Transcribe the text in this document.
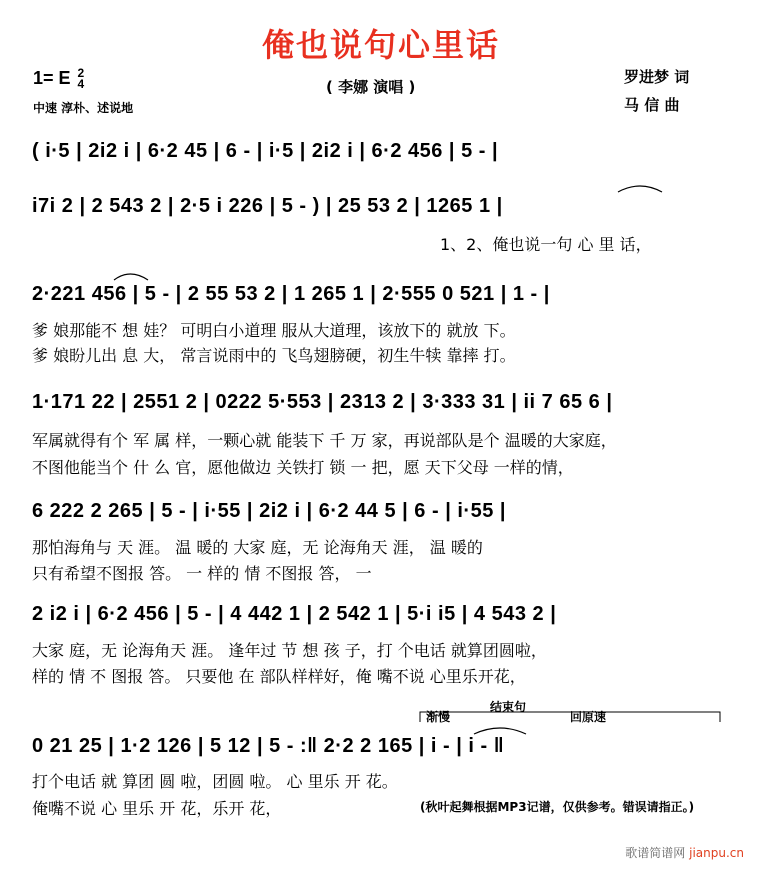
俺也说句心里话
( 李娜 演唱 )
1= E 2
4
中速 淳朴、述说地
罗进梦 词
马 信 曲
( i·5 | 2i2 i | 6·2 45 | 6 - | i·5 | 2i2 i | 6·2 456 | 5 - |
i7i 2 | 2 543 2 | 2·5 i 226 | 5 - ) | 25 53 2 | 1265 1 |
1、2、俺也说一句 心 里 话，
2·221 456 | 5 - | 2 55 53 2 | 1 265 1 | 2·555 0 521 | 1 - |
爹 娘那能不 想 娃？ 可明白小道理 服从大道理，该放下的 就放 下。
爹 娘盼儿出 息 大， 常言说雨中的 飞鸟翅膀硬，初生牛犊 靠摔 打。
1·171 22 | 2551 2 | 0222 5·553 | 2313 2 | 3·333 31 | ii 7 65 6 |
军属就得有个 军 属 样，一颗心就 能装下 千 万 家，再说部队是个 温暖的大家庭，
不图他能当个 什 么 官，愿他做边 关铁打 锁 一 把，愿 天下父母 一样的情，
6 222 2 265 | 5 - | i·55 | 2i2 i | 6·2 44 5 | 6 - | i·55 |
那怕海角与 天 涯。 温 暖的 大家 庭，无 论海角天 涯， 温 暖的
只有希望不图报 答。 一 样的 情 不图报 答， 一
2 i2 i | 6·2 456 | 5 - | 4 442 1 | 2 542 1 | 5·i i5 | 4 543 2 |
大家 庭，无 论海角天 涯。 逢年过 节 想 孩 子，打 个电话 就算团圆啦，
样的 情 不 图报 答。 只要他 在 部队样样好，俺 嘴不说 心里乐开花，
渐慢
结束句
回原速
0 21 25 | 1·2 126 | 5 12 | 5 - :‖ 2·2 2 165 | i - | i - ‖
打个电话 就 算团 圆 啦，团圆 啦。 心 里乐 开 花。
俺嘴不说 心 里乐 开 花，乐开 花，	(秋叶起舞根据MP3记谱，仅供参考。错误请指正。)
歌谱简谱网 jianpu.cn
